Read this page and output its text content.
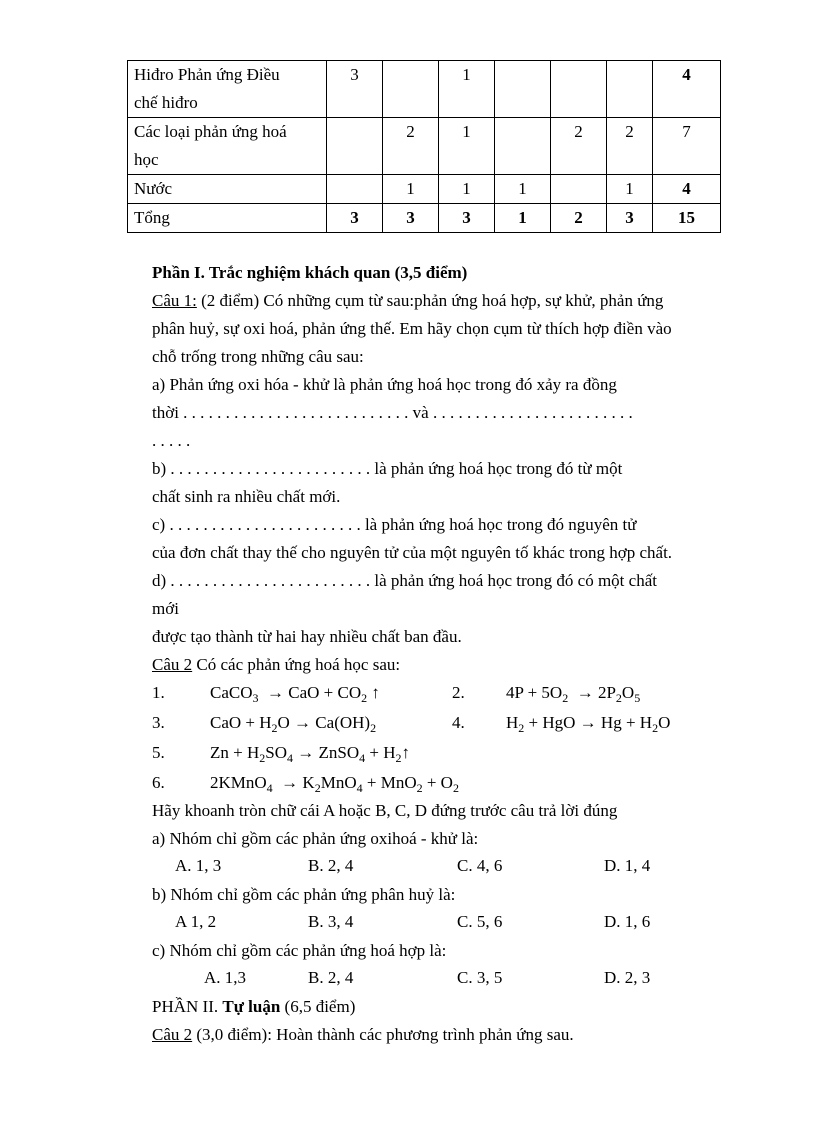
Hiđro Phản ứng Điều
chế hiđro	3		1				4
Các loại phản ứng hoá
học		2	1		2	2	7
Nước		1	1	1		1	4
Tổng	3	3	3	1	2	3	15
Phần I. Trắc nghiệm khách quan (3,5 điểm)
Câu 1: (2 điểm) Có những cụm từ sau:phản ứng hoá hợp, sự khử, phản ứng
phân huỷ, sự oxi hoá, phản ứng thế. Em hãy chọn cụm từ thích hợp điền vào
chỗ trống trong những câu sau:
a) Phản ứng oxi hóa - khử là phản ứng hoá học trong đó xảy ra đồng
thời . . . . . . . . . . . . . . . . . . . . . . . . . . . và . . . . . . . . . . . . . . . . . . . . . . . .
. . . . .
b) . . . . . . . . . . . . . . . . . . . . . . . . là phản ứng hoá học trong đó từ một
chất sinh ra nhiều chất mới.
c) . . . . . . . . . . . . . . . . . . . . . . . là phản ứng hoá học trong đó nguyên tử
của đơn chất thay thế cho nguyên tử của một nguyên tố khác trong hợp chất.
d) . . . . . . . . . . . . . . . . . . . . . . . . là phản ứng hoá học trong đó có một chất
mới
được tạo thành từ hai hay nhiều chất ban đầu.
Câu 2 Có các phản ứng hoá học sau:
1.	CaCO$_3$  → CaO + $CO_2$ ↑	2. $4P + 5O_2 \to 2P_2O_5$
3.	CaO + $H_2O \to Ca(OH)_2$	4. $H_2$ + HgO → $Hg + H_2O$
5.	$Zn + H_2SO_4$ → ZnSO$_4$ + $H_2↑$
6.	2KMnO$_4$  → $K_2MnO_4 + MnO_2 + O_2$
Hãy khoanh tròn chữ cái A hoặc B, C, D đứng trước câu trả lời đúng
a) Nhóm chỉ gồm các phản ứng oxihoá - khử là:
A. 1, 3	B. 2, 4	C. 4, 6	D. 1, 4
b) Nhóm chỉ gồm các phản ứng phân huỷ là:
A 1, 2	B. 3, 4	C. 5, 6	D. 1, 6
c) Nhóm chỉ gồm các phản ứng hoá hợp là:
A. 1,3	B. 2, 4	C. 3, 5	D. 2, 3
PHẦN II. Tự luận (6,5 điểm)
Câu 2 (3,0 điểm): Hoàn thành các phương trình phản ứng sau.
